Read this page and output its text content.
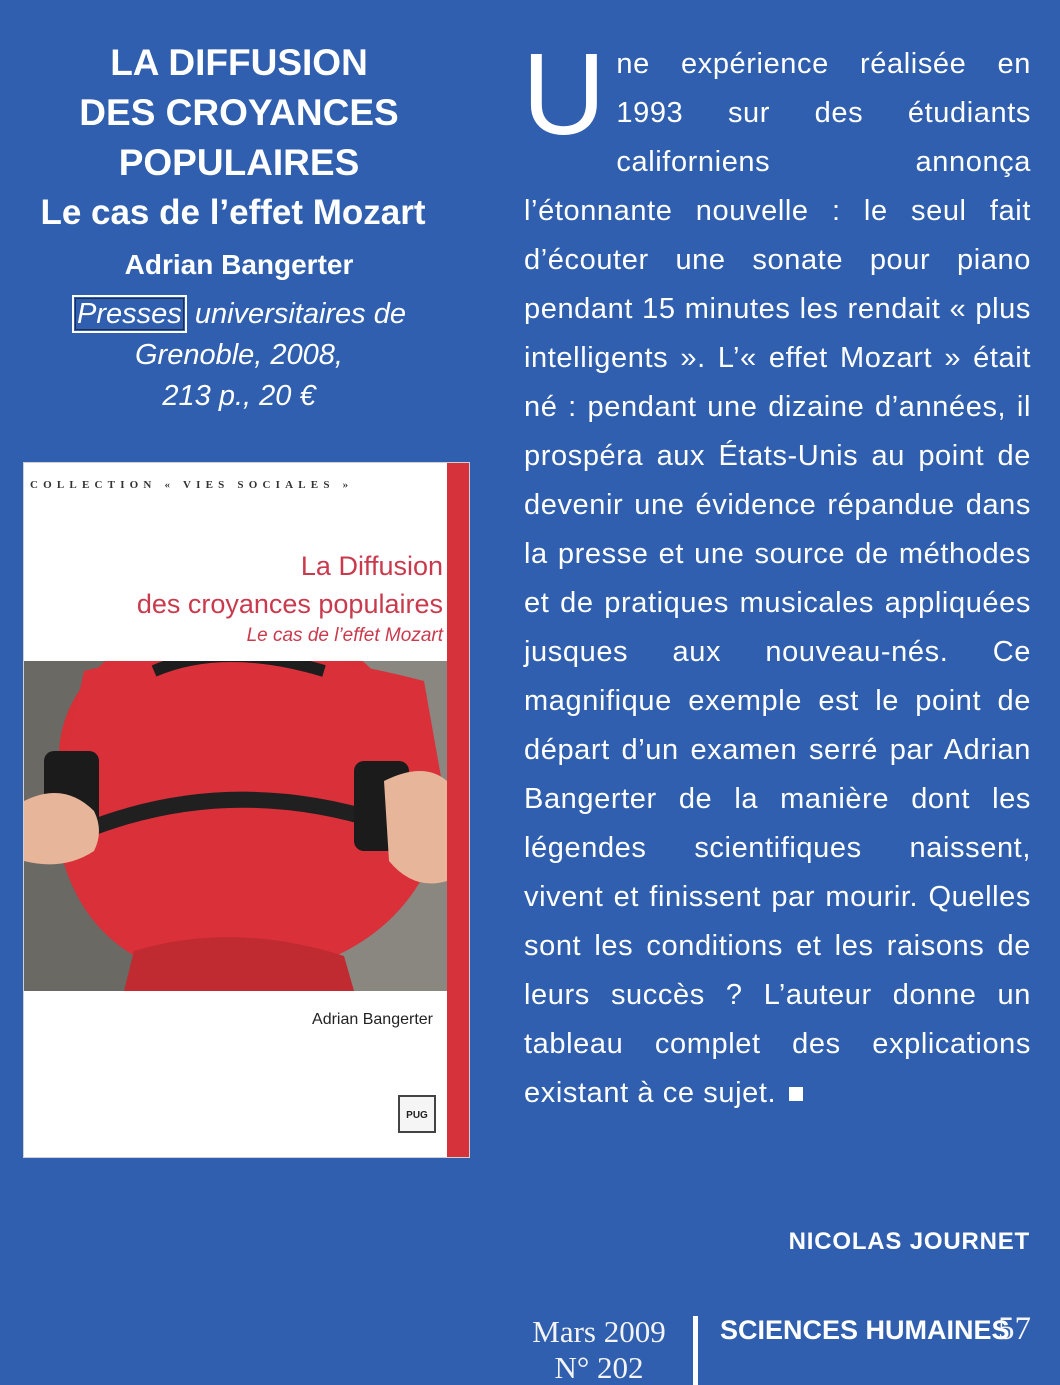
LA DIFFUSION
DES CROYANCES
POPULAIRES
Le cas de l’effet Mozart
Adrian Bangerter
Presses universitaires de
Grenoble, 2008,
213 p., 20 €
COLLECTION « VIES SOCIALES »
La Diffusion
des croyances populaires
Le cas de l’effet Mozart
Adrian Bangerter
PUG

Une expérience réalisée en 1993 sur des étudiants californiens annonça l’étonnante nouvelle : le seul fait d’écouter une sonate pour piano pendant 15 minutes les rendait « plus intelligents ». L’« effet Mozart » était né : pendant une dizaine d’années, il prospéra aux États-Unis au point de devenir une évidence répandue dans la presse et une source de méthodes et de pratiques musicales appliquées jusques aux nouveau-nés. Ce magnifique exemple est le point de départ d’un examen serré par Adrian Bangerter de la manière dont les légendes scientifiques naissent, vivent et finissent par mourir. Quelles sont les conditions et les raisons de leurs succès ? L’auteur donne un tableau complet des explications existant à ce sujet.

NICOLAS JOURNET
Mars 2009
N° 202
SCIENCES HUMAINES
57
